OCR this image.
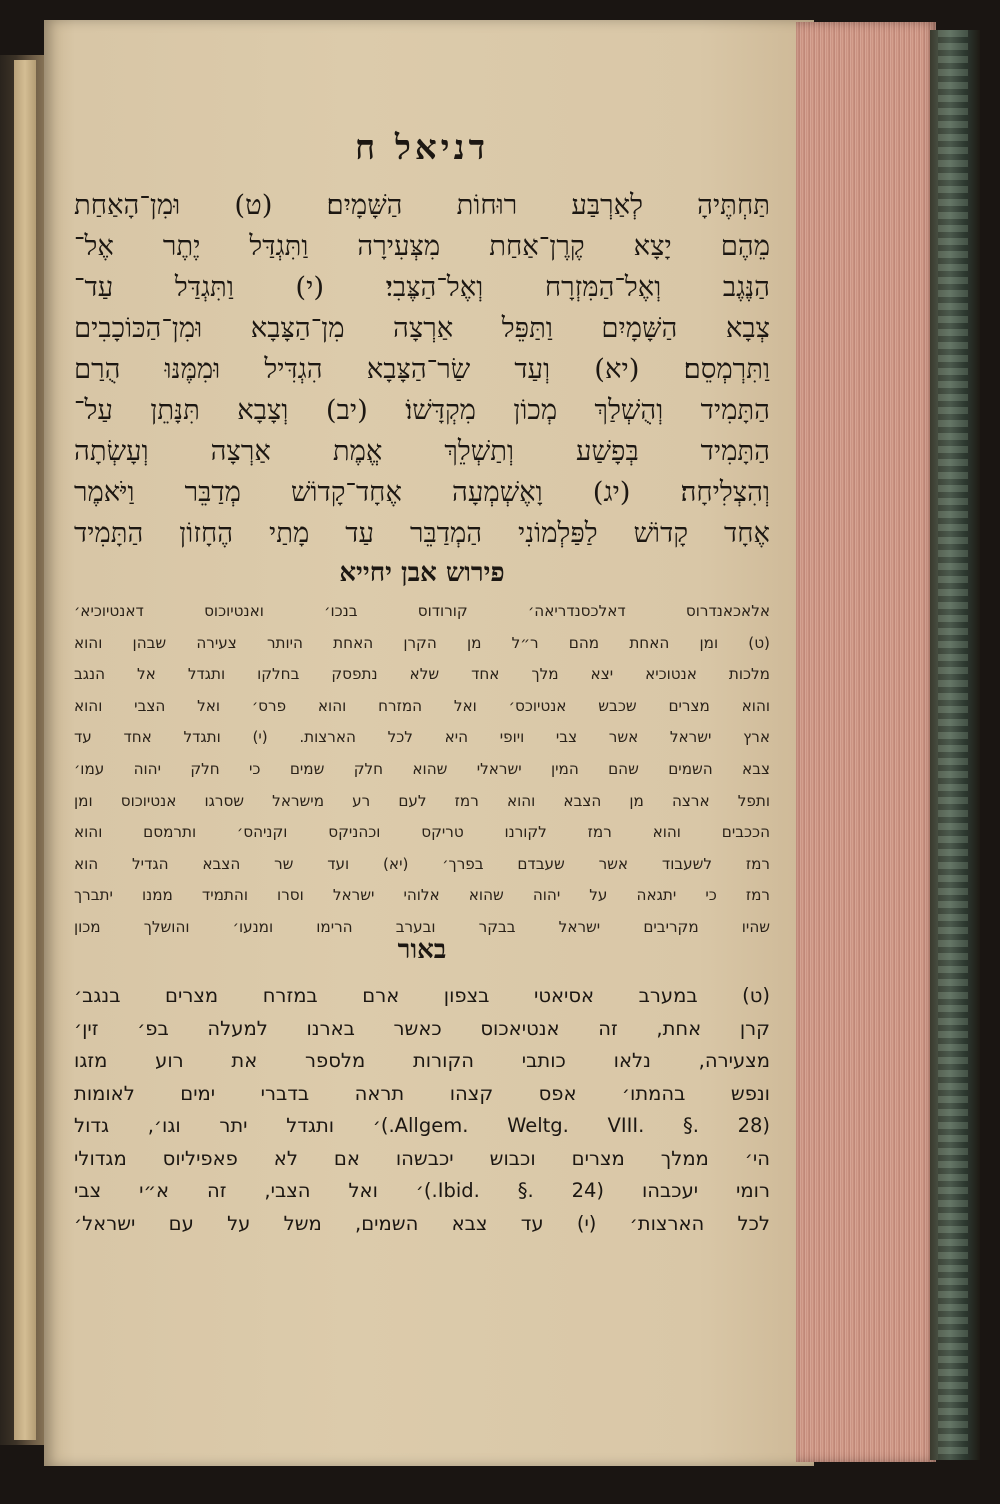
דניאל ח

תַּחְתֶּיהָ לְאַרְבַּע רוּחוֹת הַשָּׁמָיִם׃ (ט) וּמִן־הָאַחַת

מֵהֶם יָצָא קֶרֶן־אַחַת מִצְּעִירָה וַתִּגְדַּל יֶתֶר אֶל־

הַנֶּגֶב וְאֶל־הַמִּזְרָח וְאֶל־הַצֶּבִי׃ (י) וַתִּגְדַּל עַד־

צְבָא הַשָּׁמָיִם וַתַּפֵּל אַרְצָה מִן־הַצָּבָא וּמִן־הַכּוֹכָבִים

וַתִּרְמְסֵם׃ (יא) וְעַד שַׂר־הַצָּבָא הִגְדִּיל וּמִמֶּנּוּ הֻרַם

הַתָּמִיד וְהֻשְׁלַךְ מְכוֹן מִקְדָּשׁוֹ׃ (יב) וְצָבָא תִּנָּתֵן עַל־

הַתָּמִיד בְּפָשַׁע וְתַשְׁלֵךְ אֱמֶת אַרְצָה וְעָשְׂתָה

וְהִצְלִיחָה׃ (יג) וָאֶשְׁמְעָה אֶחָד־קָדוֹשׁ מְדַבֵּר וַיֹּאמֶר

אֶחָד קָדוֹשׁ לַפַּלְמוֹנִי הַמְדַבֵּר עַד מָתַי הֶחָזוֹן הַתָּמִיד

פירוש אבן יחייא

אלאכאנדרוס דאלכסנדריאה׳ קורודוס בנכו׳ ואנטיוכוס דאנטיוכיא׳

(ט) ומן האחת מהם ר״ל מן הקרן האחת היותר צעירה שבהן והוא

מלכות אנטוכיא יצא מלך אחד שלא נתפסק בחלקו ותגדל אל הנגב

והוא מצרים שכבש אנטיוכס׳ ואל המזרח והוא פרס׳ ואל הצבי והוא

ארץ ישראל אשר צבי ויופי היא לכל הארצות. (י) ותגדל אחד עד

צבא השמים שהם המין ישראלי שהוא חלק שמים כי חלק יהוה עמו׳

ותפל ארצה מן הצבא והוא רמז לעם רע מישראל שסרגו אנטיוכוס ומן

הככבים והוא רמז לקורנו טריקס וכהניקס וקניהס׳ ותרמסם והוא

רמז לשעבוד אשר שעבדם בפרך׳ (יא) ועד שר הצבא הגדיל הוא

רמז כי יתגאה על יהוה שהוא אלוהי ישראל וסרו והתמיד ממנו יתברך

שהיו מקריבים ישראל בבקר ובערב הרימו ומנעו׳ והושלך מכון

באור

(ט) במערב אסיאטי בצפון ארם במזרח מצרים בנגב׳

קרן אחת, זה אנטיאכוס כאשר בארנו למעלה בפ׳ זין׳

מצעירה, נלאו כותבי הקורות מלספר את רוע מזגו

ונפש בהמתו׳ אפס קצהו תראה בדברי ימים לאומות

(Allgem. Weltg. VIII. §. 28.)׳ ותגדל יתר וגו׳, גדול

הי׳ ממלך מצרים וכבוש יכבשהו אם לא פאפיליוס מגדולי

רומי יעכבהו (Ibid. §. 24.)׳ ואל הצבי, זה א״י צבי

לכל הארצות׳ (י) עד צבא השמים, משל על עם ישראל׳
